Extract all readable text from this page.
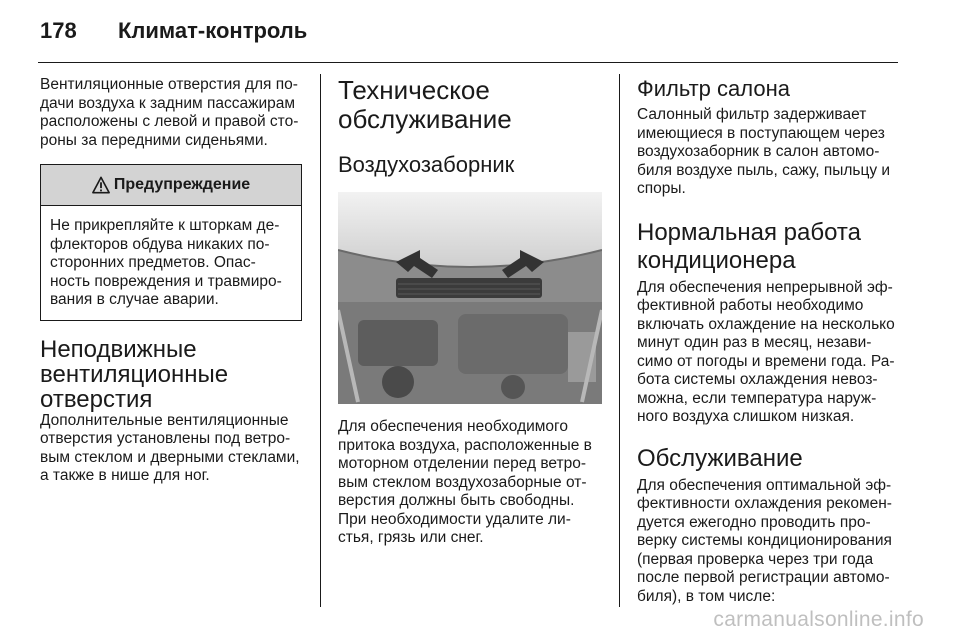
178	Климат-контроль

Вентиляционные отверстия для по-
дачи воздуха к задним пассажирам
расположены с левой и правой сто-
роны за передними сиденьями.

Предупреждение
Не прикрепляйте к шторкам де-
флекторов обдува никаких по-
сторонних предметов. Опас-
ность повреждения и травмиро-
вания в случае аварии.
Неподвижные
вентиляционные
отверстия

Дополнительные вентиляционные
отверстия установлены под ветро-
вым стеклом и дверными стеклами,
а также в нише для ног.

Техническое
обслуживание
Воздухозаборник

Для обеспечения необходимого
притока воздуха, расположенные в
моторном отделении перед ветро-
вым стеклом воздухозаборные от-
верстия должны быть свободны.
При необходимости удалите ли-
стья, грязь или снег.

Фильтр салона

Салонный фильтр задерживает
имеющиеся в поступающем через
воздухозаборник в салон автомо-
биля воздухе пыль, сажу, пыльцу и
споры.

Нормальная работа
кондиционера

Для обеспечения непрерывной эф-
фективной работы необходимо
включать охлаждение на несколько
минут один раз в месяц, незави-
симо от погоды и времени года. Ра-
бота системы охлаждения невоз-
можна, если температура наруж-
ного воздуха слишком низкая.

Обслуживание

Для обеспечения оптимальной эф-
фективности охлаждения рекомен-
дуется ежегодно проводить про-
верку системы кондиционирования
(первая проверка через три года
после первой регистрации автомо-
биля), в том числе:

carmanualsonline.info
